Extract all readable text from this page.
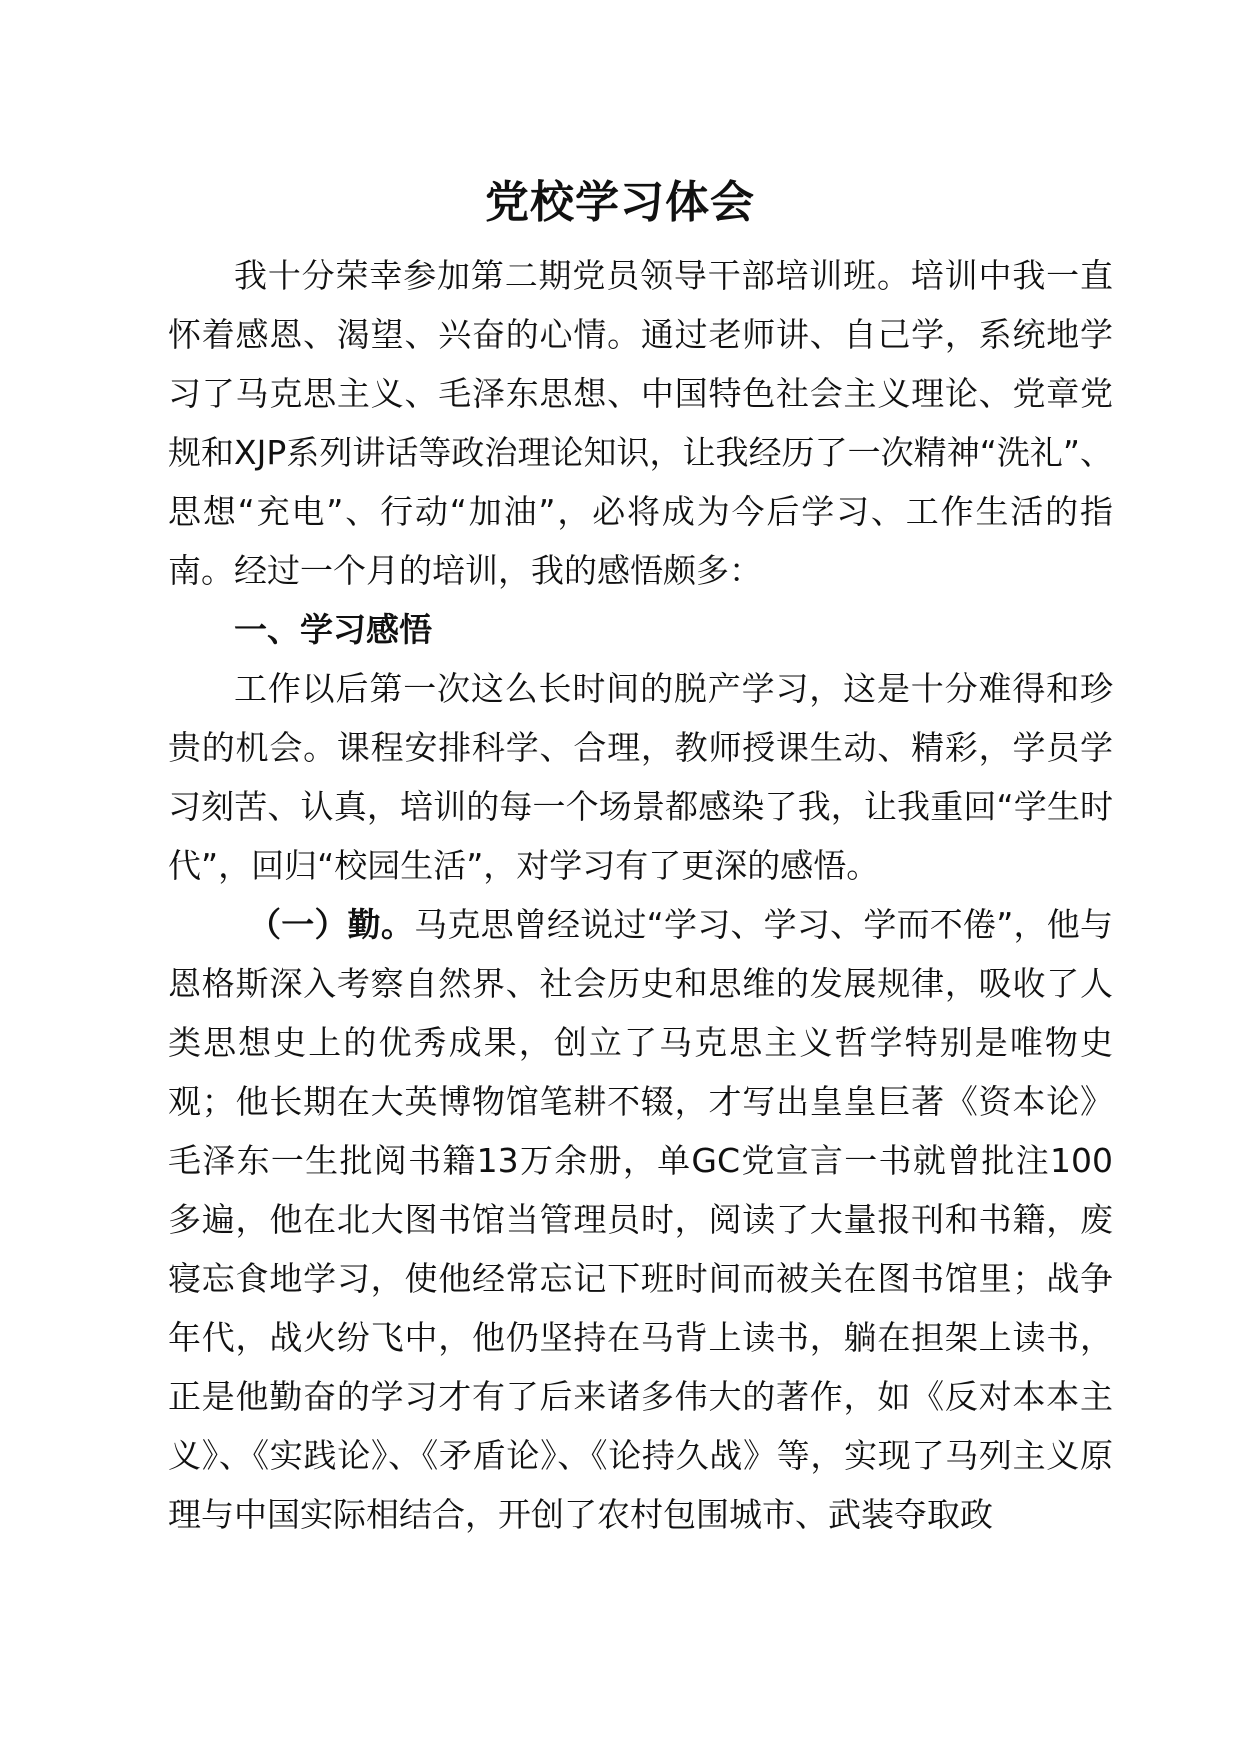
党校学习体会

我十分荣幸参加第二期党员领导干部培训班。培训中我一直怀着感恩、渴望、兴奋的心情。通过老师讲、自己学，系统地学习了马克思主义、毛泽东思想、中国特色社会主义理论、党章党规和XJP系列讲话等政治理论知识，让我经历了一次精神“洗礼”、思想“充电”、行动“加油”，必将成为今后学习、工作生活的指南。经过一个月的培训，我的感悟颇多：

一、学习感悟

工作以后第一次这么长时间的脱产学习，这是十分难得和珍贵的机会。课程安排科学、合理，教师授课生动、精彩，学员学习刻苦、认真，培训的每一个场景都感染了我，让我重回“学生时代”，回归“校园生活”，对学习有了更深的感悟。

（一）勤。马克思曾经说过“学习、学习、学而不倦”，他与恩格斯深入考察自然界、社会历史和思维的发展规律，吸收了人类思想史上的优秀成果，创立了马克思主义哲学特别是唯物史观；他长期在大英博物馆笔耕不辍，才写出皇皇巨著《资本论》毛泽东一生批阅书籍13万余册，单GC党宣言一书就曾批注100多遍，他在北大图书馆当管理员时，阅读了大量报刊和书籍，废寝忘食地学习，使他经常忘记下班时间而被关在图书馆里；战争年代，战火纷飞中，他仍坚持在马背上读书，躺在担架上读书，正是他勤奋的学习才有了后来诸多伟大的著作，如《反对本本主义》、《实践论》、《矛盾论》、《论持久战》等，实现了马列主义原理与中国实际相结合，开创了农村包围城市、武装夺取政
